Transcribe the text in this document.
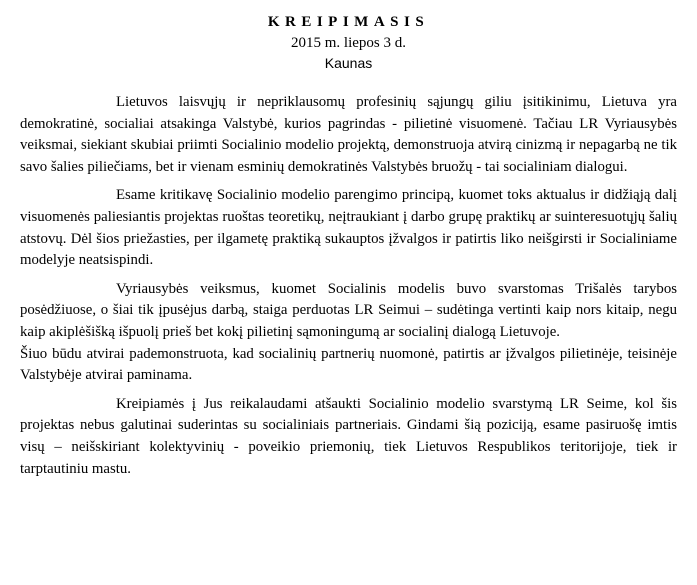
KREIPIMASIS
2015 m. liepos 3 d.
Kaunas

Lietuvos laisvųjų ir nepriklausomų profesinių sąjungų giliu įsitikinimu, Lietuva yra demokratinė, socialiai atsakinga Valstybė, kurios pagrindas - pilietinė visuomenė. Tačiau LR Vyriausybės veiksmai, siekiant skubiai priimti Socialinio modelio projektą, demonstruoja atvirą cinizmą ir nepagarbą ne tik savo šalies piliečiams, bet ir vienam esminių demokratinės Valstybės bruožų - tai socialiniam dialogui.

Esame kritikavę Socialinio modelio parengimo principą, kuomet toks aktualus ir didžiąją dalį visuomenės paliesiantis projektas ruoštas teoretikų, neįtraukiant į darbo grupę praktikų ar suinteresuotųjų šalių atstovų. Dėl šios priežasties, per ilgametę praktiką sukauptos įžvalgos ir patirtis liko neišgirsti ir Socialiniame modelyje neatsispindi.

Vyriausybės veiksmus, kuomet Socialinis modelis buvo svarstomas Trišalės tarybos posėdžiuose, o šiai tik įpusėjus darbą, staiga perduotas LR Seimui – sudėtinga vertinti kaip nors kitaip, negu kaip akiplėšišką išpuolį prieš bet kokį pilietinį sąmoningumą ar socialinį dialogą Lietuvoje.

Šiuo būdu atvirai pademonstruota, kad socialinių partnerių nuomonė, patirtis ar įžvalgos pilietinėje, teisinėje Valstybėje atvirai paminama.

Kreipiamės į Jus reikalaudami atšaukti Socialinio modelio svarstymą LR Seime, kol šis projektas nebus galutinai suderintas su socialiniais partneriais. Gindami šią poziciją, esame pasiruošę imtis visų – neišskiriant kolektyvinių - poveikio priemonių, tiek Lietuvos Respublikos teritorijoje, tiek ir tarptautiniu mastu.
